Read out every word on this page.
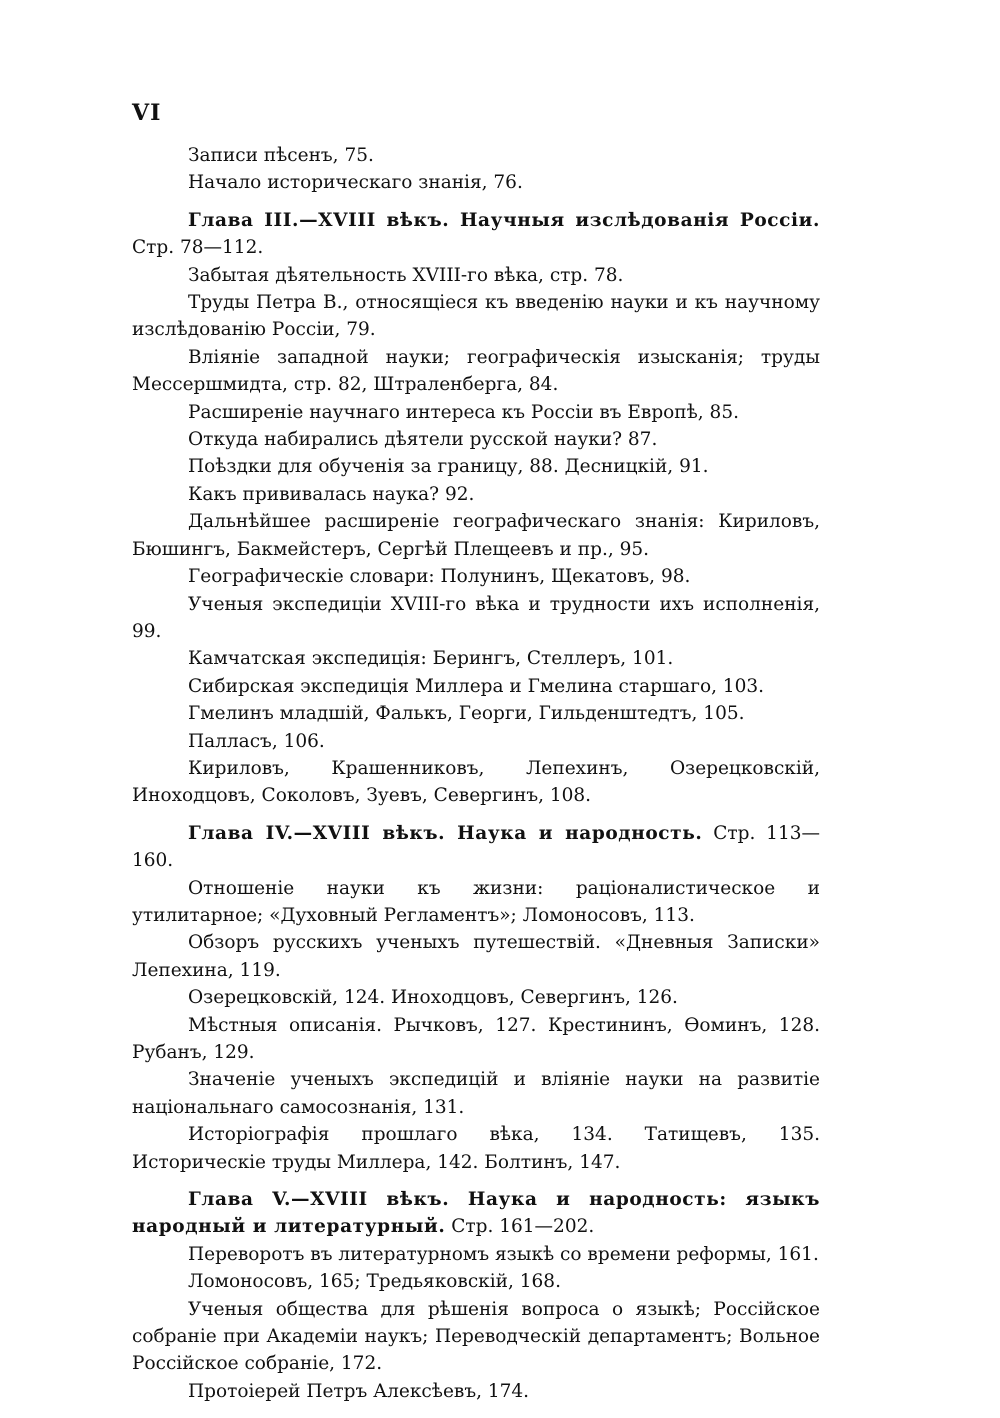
VI

Записи пѣсенъ, 75.

Начало историческаго знанія, 76.

Глава III.—XVIII вѣкъ. Научныя изслѣдованія Россіи. Стр. 78—112.

Забытая дѣятельность XVIII-го вѣка, стр. 78.

Труды Петра В., относящіеся къ введенію науки и къ научному изслѣдованію Россіи, 79.

Вліяніе западной науки; географическія изысканія; труды Мессершмидта, стр. 82, Штраленберга, 84.

Расширеніе научнаго интереса къ Россіи въ Европѣ, 85.

Откуда набирались дѣятели русской науки? 87.

Поѣздки для обученія за границу, 88. Десницкій, 91.

Какъ прививалась наука? 92.

Дальнѣйшее расширеніе географическаго знанія: Кириловъ, Бюшингъ, Бакмейстеръ, Сергѣй Плещеевъ и пр., 95.

Географическіе словари: Полунинъ, Щекатовъ, 98.

Ученыя экспедиціи XVIII-го вѣка и трудности ихъ исполненія, 99.

Камчатская экспедиція: Берингъ, Стеллеръ, 101.

Сибирская экспедиція Миллера и Гмелина старшаго, 103.

Гмелинъ младшій, Фалькъ, Георги, Гильденштедтъ, 105.

Палласъ, 106.

Кириловъ, Крашенниковъ, Лепехинъ, Озерецковскій, Иноходцовъ, Соколовъ, Зуевъ, Севергинъ, 108.

Глава IV.—XVIII вѣкъ. Наука и народность. Стр. 113—160.

Отношеніе науки къ жизни: раціоналистическое и утилитарное; «Духовный Регламентъ»; Ломоносовъ, 113.

Обзоръ русскихъ ученыхъ путешествій. «Дневныя Записки» Лепехина, 119.

Озерецковскій, 124. Иноходцовъ, Севергинъ, 126.

Мѣстныя описанія. Рычковъ, 127. Крестининъ, Ѳоминъ, 128. Рубанъ, 129.

Значеніе ученыхъ экспедицій и вліяніе науки на развитіе національнаго самосознанія, 131.

Исторіографія прошлаго вѣка, 134. Татищевъ, 135. Историческіе труды Миллера, 142. Болтинъ, 147.

Глава V.—XVIII вѣкъ. Наука и народность: языкъ народный и литературный. Стр. 161—202.

Переворотъ въ литературномъ языкѣ со времени реформы, 161.

Ломоносовъ, 165; Тредьяковскій, 168.

Ученыя общества для рѣшенія вопроса о языкѣ; Россійское собраніе при Академіи наукъ; Переводческій департаментъ; Вольное Россійское собраніе, 172.

Протоіерей Петръ Алексѣевъ, 174.
